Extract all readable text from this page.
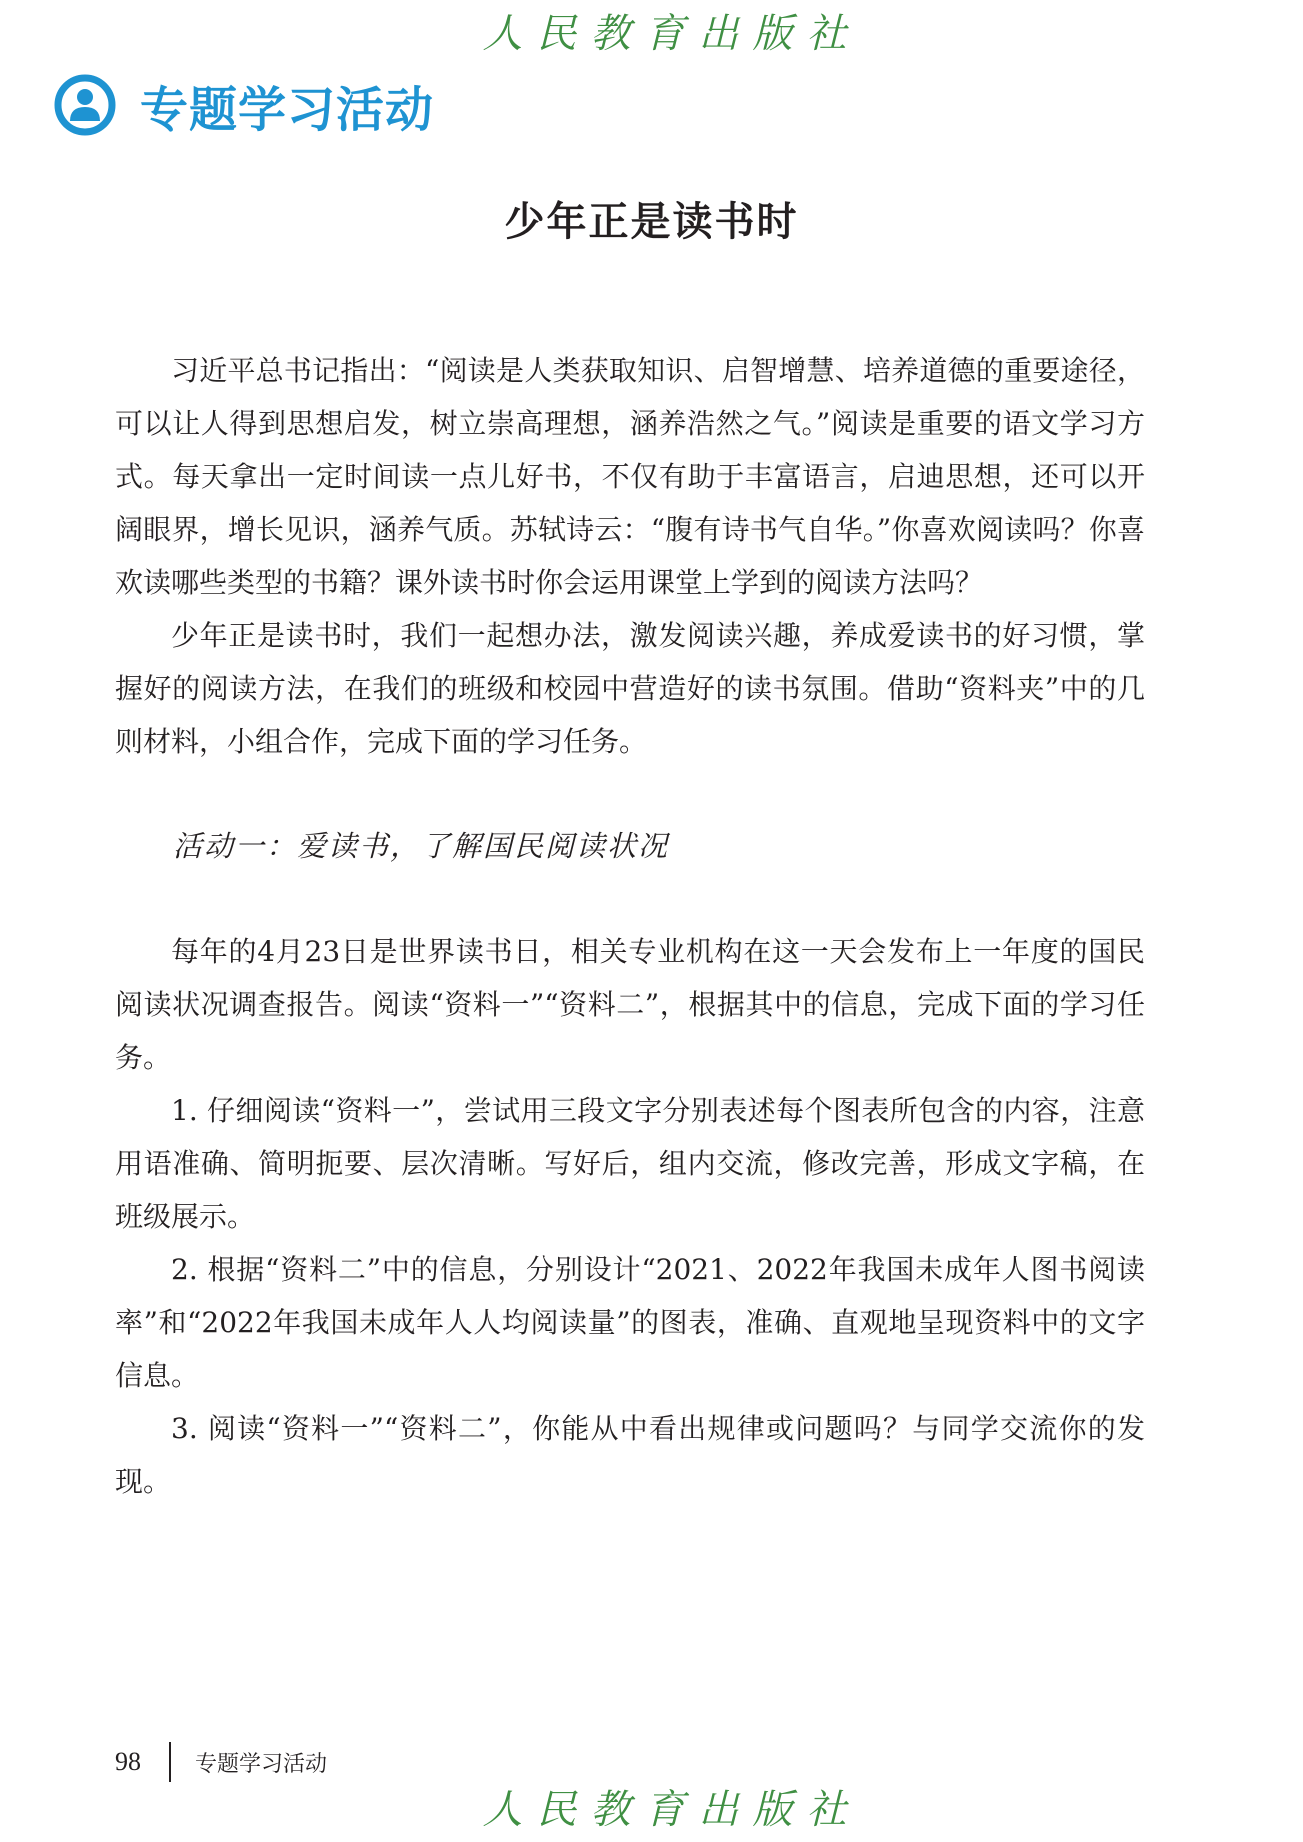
人民教育出版社
专题学习活动
少年正是读书时

习近平总书记指出：“阅读是人类获取知识、启智增慧、培养道德的重要途径，可以让人得到思想启发，树立崇高理想，涵养浩然之气。”阅读是重要的语文学习方式。每天拿出一定时间读一点儿好书，不仅有助于丰富语言，启迪思想，还可以开阔眼界，增长见识，涵养气质。苏轼诗云：“腹有诗书气自华。”你喜欢阅读吗？你喜欢读哪些类型的书籍？课外读书时你会运用课堂上学到的阅读方法吗？

少年正是读书时，我们一起想办法，激发阅读兴趣，养成爱读书的好习惯，掌握好的阅读方法，在我们的班级和校园中营造好的读书氛围。借助“资料夹”中的几则材料，小组合作，完成下面的学习任务。

活动一：爱读书，了解国民阅读状况

每年的4月23日是世界读书日，相关专业机构在这一天会发布上一年度的国民阅读状况调查报告。阅读“资料一”“资料二”，根据其中的信息，完成下面的学习任务。

1. 仔细阅读“资料一”，尝试用三段文字分别表述每个图表所包含的内容，注意用语准确、简明扼要、层次清晰。写好后，组内交流，修改完善，形成文字稿，在班级展示。

2. 根据“资料二”中的信息，分别设计“2021、2022年我国未成年人图书阅读率”和“2022年我国未成年人人均阅读量”的图表，准确、直观地呈现资料中的文字信息。

3. 阅读“资料一”“资料二”，你能从中看出规律或问题吗？与同学交流你的发现。

98 专题学习活动
人民教育出版社
